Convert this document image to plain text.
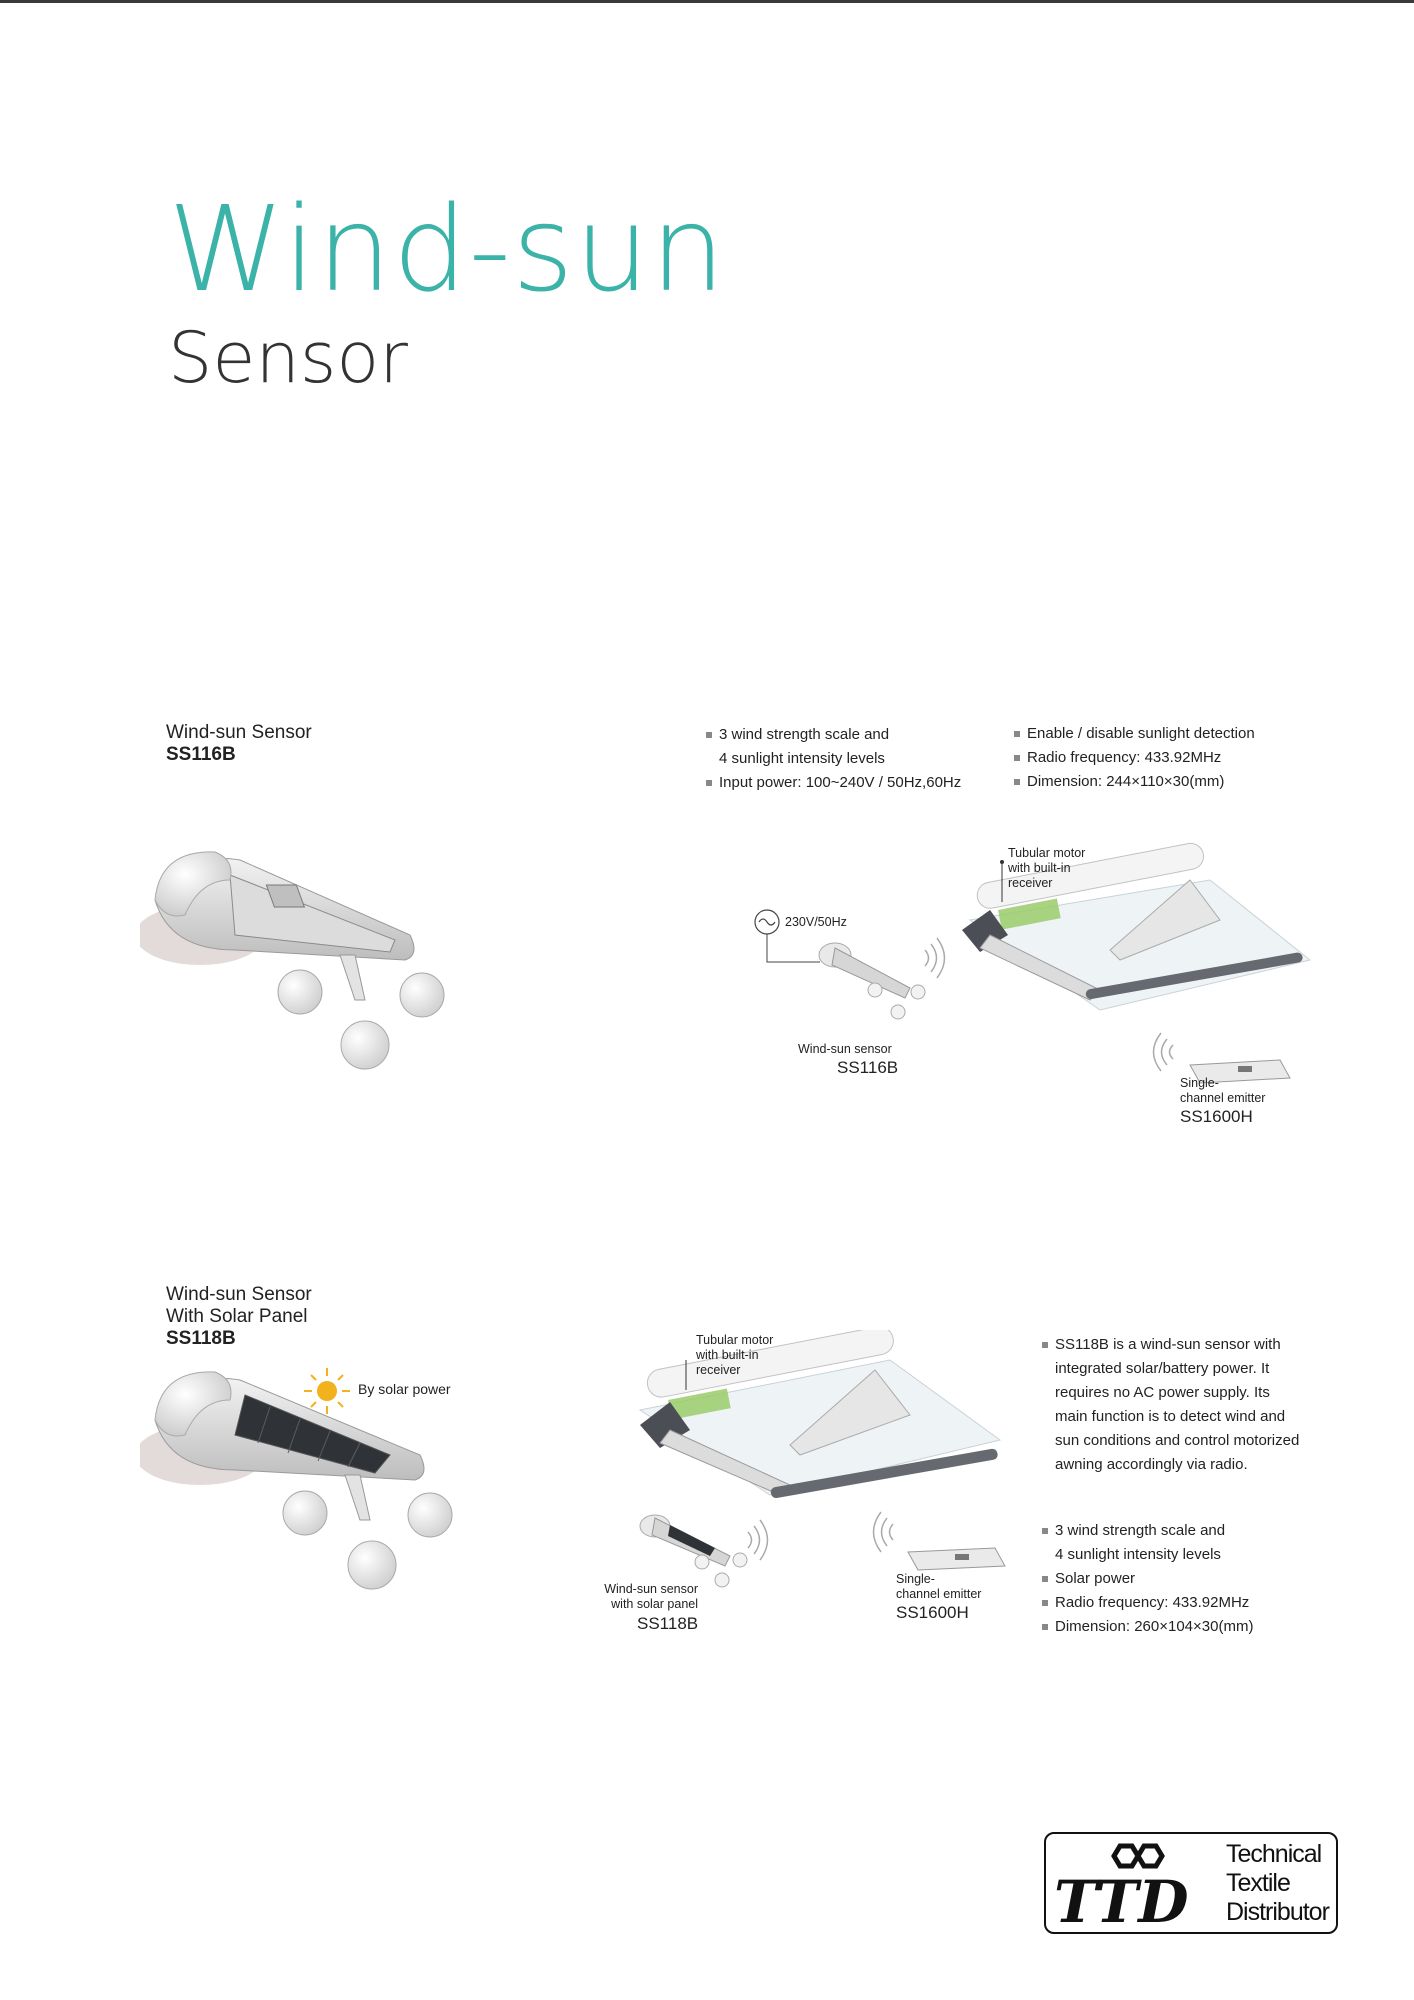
Wind-sun
Sensor
Wind-sun Sensor
SS116B
3 wind strength scale and
4 sunlight intensity levels
Input power: 100~240V / 50Hz,60Hz
Enable / disable sunlight detection
Radio frequency: 433.92MHz
Dimension: 244×110×30(mm)
Tubular motor
with built-in
receiver
230V/50Hz
Wind-sun sensor
SS116B
Single-
channel emitter
SS1600H
Wind-sun Sensor
With Solar Panel
SS118B
By solar power
Tubular motor
with built-in
receiver
Wind-sun sensor
with solar panel
SS118B
Single-
channel emitter
SS1600H
SS118B is a wind-sun sensor with
integrated solar/battery power. It
requires no AC power supply. Its
main function is to detect wind and
sun conditions and control motorized
awning accordingly via radio.
3 wind strength scale and
4 sunlight intensity levels
Solar power
Radio frequency: 433.92MHz
Dimension: 260×104×30(mm)
TTD
Technical
Textile
Distributor
